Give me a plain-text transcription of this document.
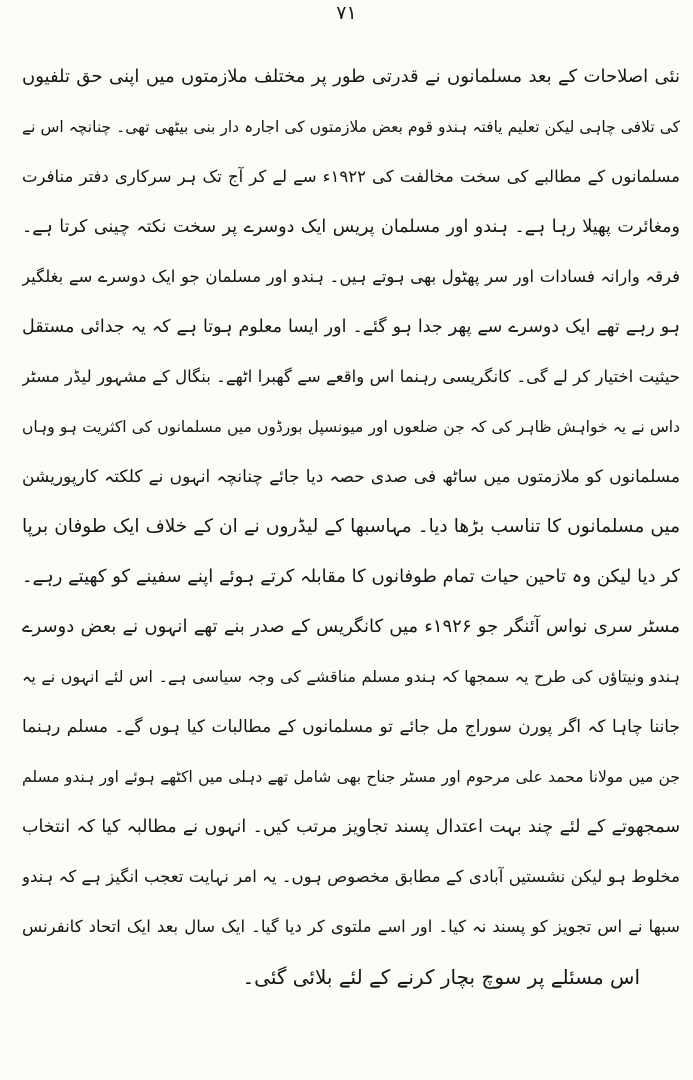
۷۱
نئی اصلاحات کے بعد مسلمانوں نے قدرتی طور پر مختلف ملازمتوں میں اپنی حق تلفیوں
کی تلافی چاہی لیکن تعلیم یافتہ ہندو قوم بعض ملازمتوں کی اجارہ دار بنی بیٹھی تھی۔ چنانچہ اس نے
مسلمانوں کے مطالبے کی سخت مخالفت کی ۱۹۲۲ء سے لے کر آج تک ہر سرکاری دفتر منافرت
ومغائرت پھیلا رہا ہے۔ ہندو اور مسلمان پریس ایک دوسرے پر سخت نکتہ چینی کرتا ہے۔
فرقہ وارانہ فسادات اور سر پھٹول بھی ہوتے ہیں۔ ہندو اور مسلمان جو ایک دوسرے سے بغلگیر
ہو رہے تھے ایک دوسرے سے پھر جدا ہو گئے۔ اور ایسا معلوم ہوتا ہے کہ یہ جدائی مستقل
حیثیت اختیار کر لے گی۔ کانگریسی رہنما اس واقعے سے گھبرا اٹھے۔ بنگال کے مشہور لیڈر مسٹر
داس نے یہ خواہش ظاہر کی کہ جن ضلعوں اور میونسپل بورڈوں میں مسلمانوں کی اکثریت ہو وہاں
مسلمانوں کو ملازمتوں میں ساٹھ فی صدی حصہ دیا جائے چنانچہ انہوں نے کلکتہ کارپوریشن
میں مسلمانوں کا تناسب بڑھا دیا۔ مہاسبھا کے لیڈروں نے ان کے خلاف ایک طوفان برپا
کر دیا لیکن وہ تاحین حیات تمام طوفانوں کا مقابلہ کرتے ہوئے اپنے سفینے کو کھیتے رہے۔
مسٹر سری نواس آئنگر جو ۱۹۲۶ء میں کانگریس کے صدر بنے تھے انہوں نے بعض دوسرے
ہندو ونیتاؤں کی طرح یہ سمجھا کہ ہندو مسلم مناقشے کی وجہ سیاسی ہے۔ اس لئے انہوں نے یہ
جاننا چاہا کہ اگر پورن سوراج مل جائے تو مسلمانوں کے مطالبات کیا ہوں گے۔ مسلم رہنما
جن میں مولانا محمد علی مرحوم اور مسٹر جناح بھی شامل تھے دہلی میں اکٹھے ہوئے اور ہندو مسلم
سمجھوتے کے لئے چند بہت اعتدال پسند تجاویز مرتب کیں۔ انہوں نے مطالبہ کیا کہ انتخاب
مخلوط ہو لیکن نشستیں آبادی کے مطابق مخصوص ہوں۔ یہ امر نہایت تعجب انگیز ہے کہ ہندو
سبھا نے اس تجویز کو پسند نہ کیا۔ اور اسے ملتوی کر دیا گیا۔ ایک سال بعد ایک اتحاد کانفرنس
اس مسئلے پر سوچ بچار کرنے کے لئے بلائی گئی۔
